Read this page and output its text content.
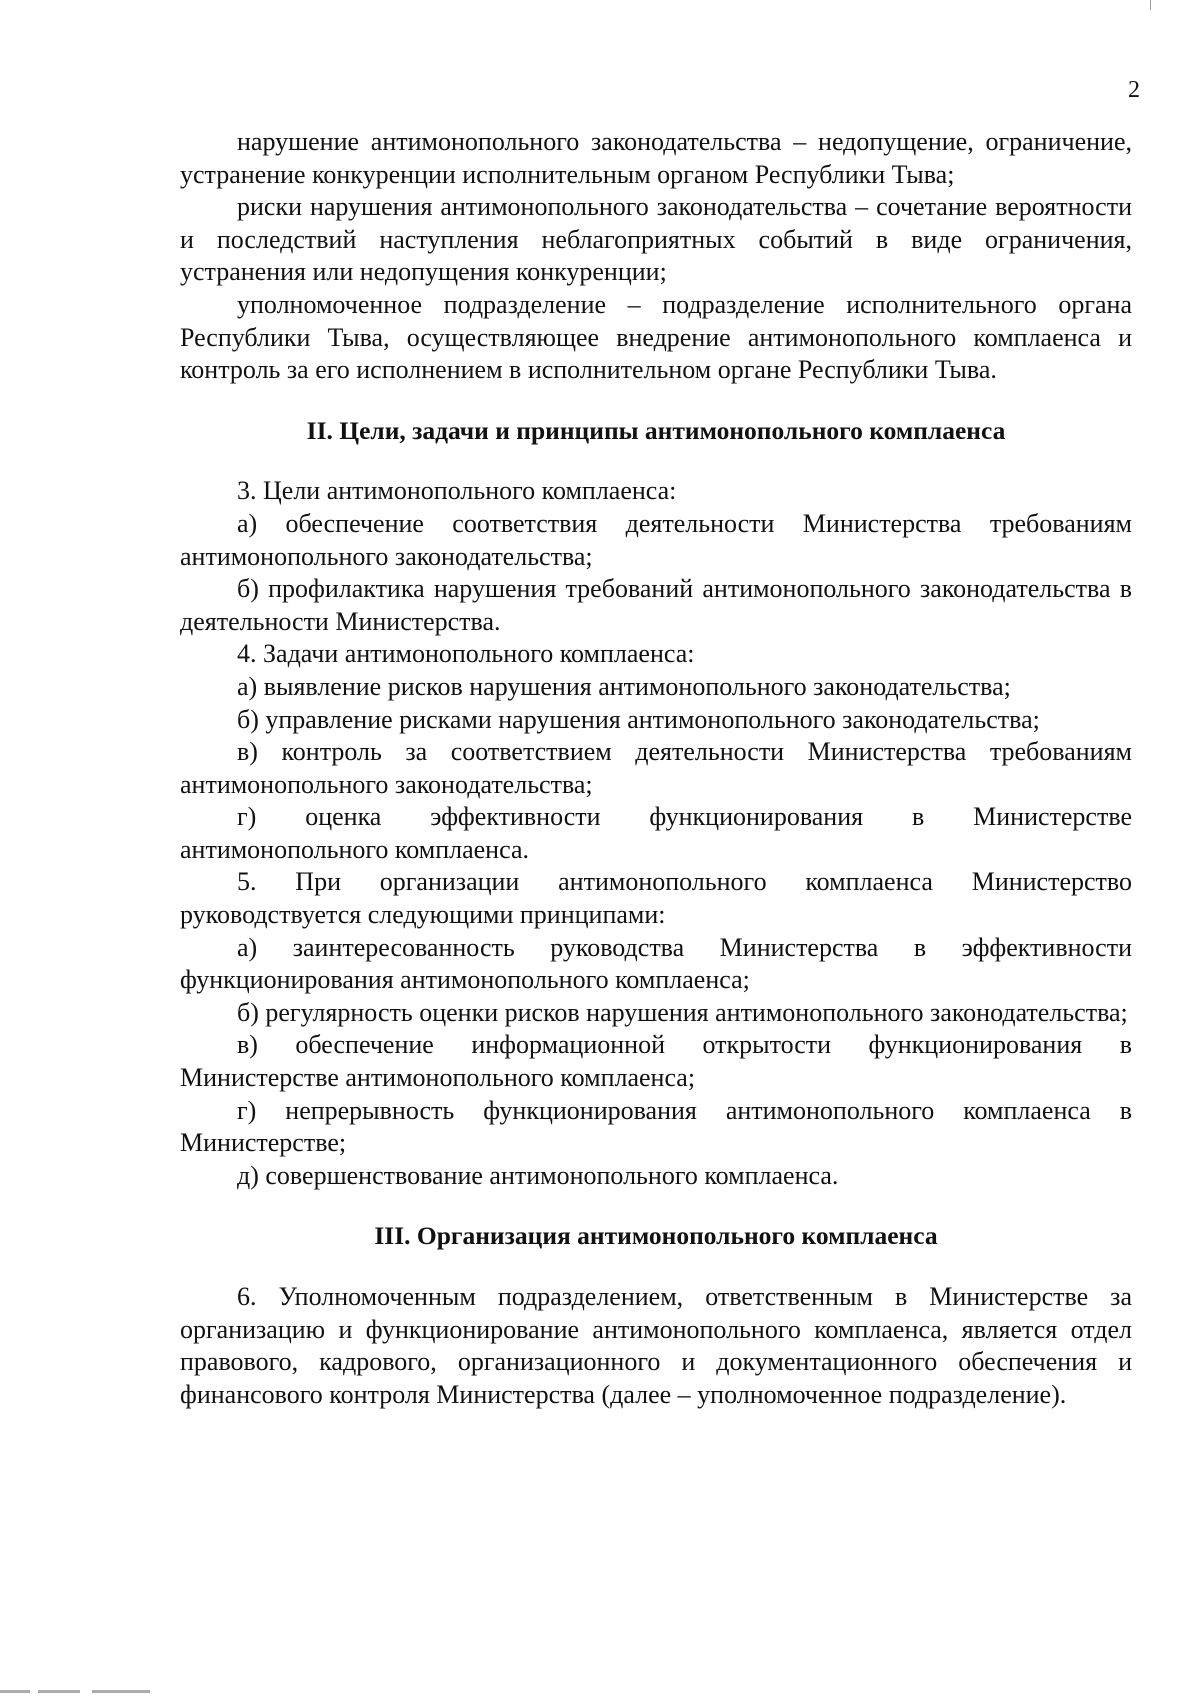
2

нарушение антимонопольного законодательства – недопущение, ограничение, устранение конкуренции исполнительным органом Республики Тыва;

риски нарушения антимонопольного законодательства – сочетание вероятности и последствий наступления неблагоприятных событий в виде ограничения, устранения или недопущения конкуренции;

уполномоченное подразделение – подразделение исполнительного органа Республики Тыва, осуществляющее внедрение антимонопольного комплаенса и контроль за его исполнением в исполнительном органе Республики Тыва.

II. Цели, задачи и принципы антимонопольного комплаенса

3. Цели антимонопольного комплаенса:

а) обеспечение соответствия деятельности Министерства требованиям антимонопольного законодательства;

б) профилактика нарушения требований антимонопольного законодательства в деятельности Министерства.

4. Задачи антимонопольного комплаенса:

а) выявление рисков нарушения антимонопольного законодательства;

б) управление рисками нарушения антимонопольного законодательства;

в) контроль за соответствием деятельности Министерства требованиям антимонопольного законодательства;

г) оценка эффективности функционирования в Министерстве антимонопольного комплаенса.

5. При организации антимонопольного комплаенса Министерство руководствуется следующими принципами:

а) заинтересованность руководства Министерства в эффективности функционирования антимонопольного комплаенса;

б) регулярность оценки рисков нарушения антимонопольного законодательства;

в) обеспечение информационной открытости функционирования в Министерстве антимонопольного комплаенса;

г) непрерывность функционирования антимонопольного комплаенса в Министерстве;

д) совершенствование антимонопольного комплаенса.

III. Организация антимонопольного комплаенса

6. Уполномоченным подразделением, ответственным в Министерстве за организацию и функционирование антимонопольного комплаенса, является отдел правового, кадрового, организационного и документационного обеспечения и финансового контроля Министерства (далее – уполномоченное подразделение).
